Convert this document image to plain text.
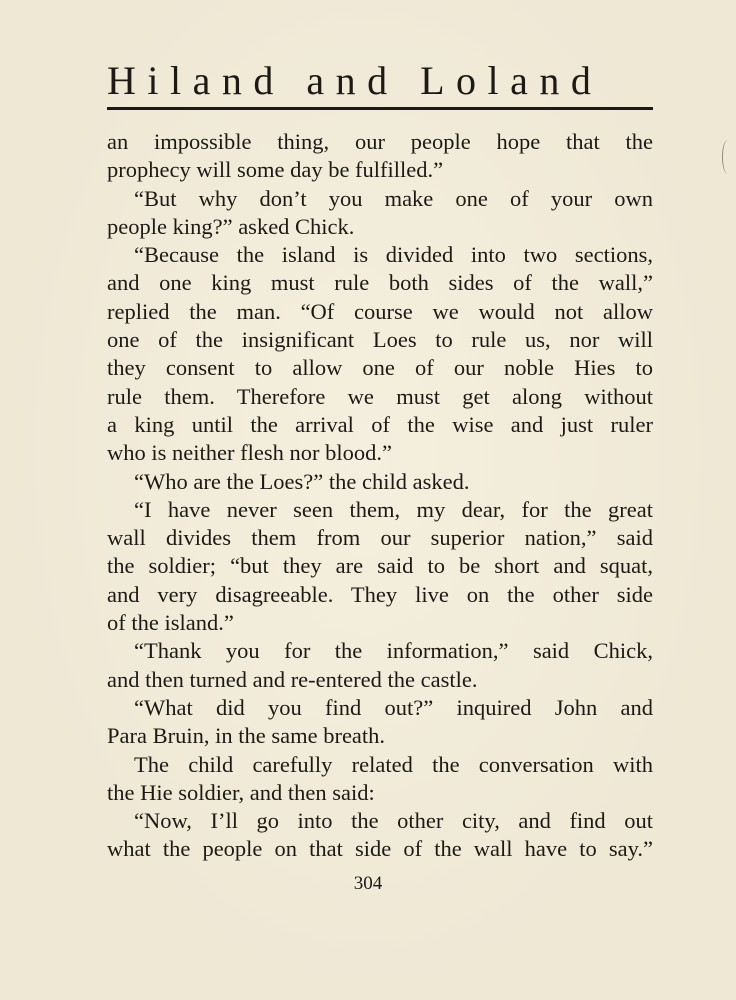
Hiland and Loland
an impossible thing, our people hope that the
prophecy will some day be fulfilled.”
“But why don’t you make one of your own
people king?” asked Chick.
“Because the island is divided into two sections,
and one king must rule both sides of the wall,”
replied the man. “Of course we would not allow
one of the insignificant Loes to rule us, nor will
they consent to allow one of our noble Hies to
rule them. Therefore we must get along without
a king until the arrival of the wise and just ruler
who is neither flesh nor blood.”
“Who are the Loes?” the child asked.
“I have never seen them, my dear, for the great
wall divides them from our superior nation,” said
the soldier; “but they are said to be short and squat,
and very disagreeable. They live on the other side
of the island.”
“Thank you for the information,” said Chick,
and then turned and re-entered the castle.
“What did you find out?” inquired John and
Para Bruin, in the same breath.
The child carefully related the conversation with
the Hie soldier, and then said:
“Now, I’ll go into the other city, and find out
what the people on that side of the wall have to say.”
304
